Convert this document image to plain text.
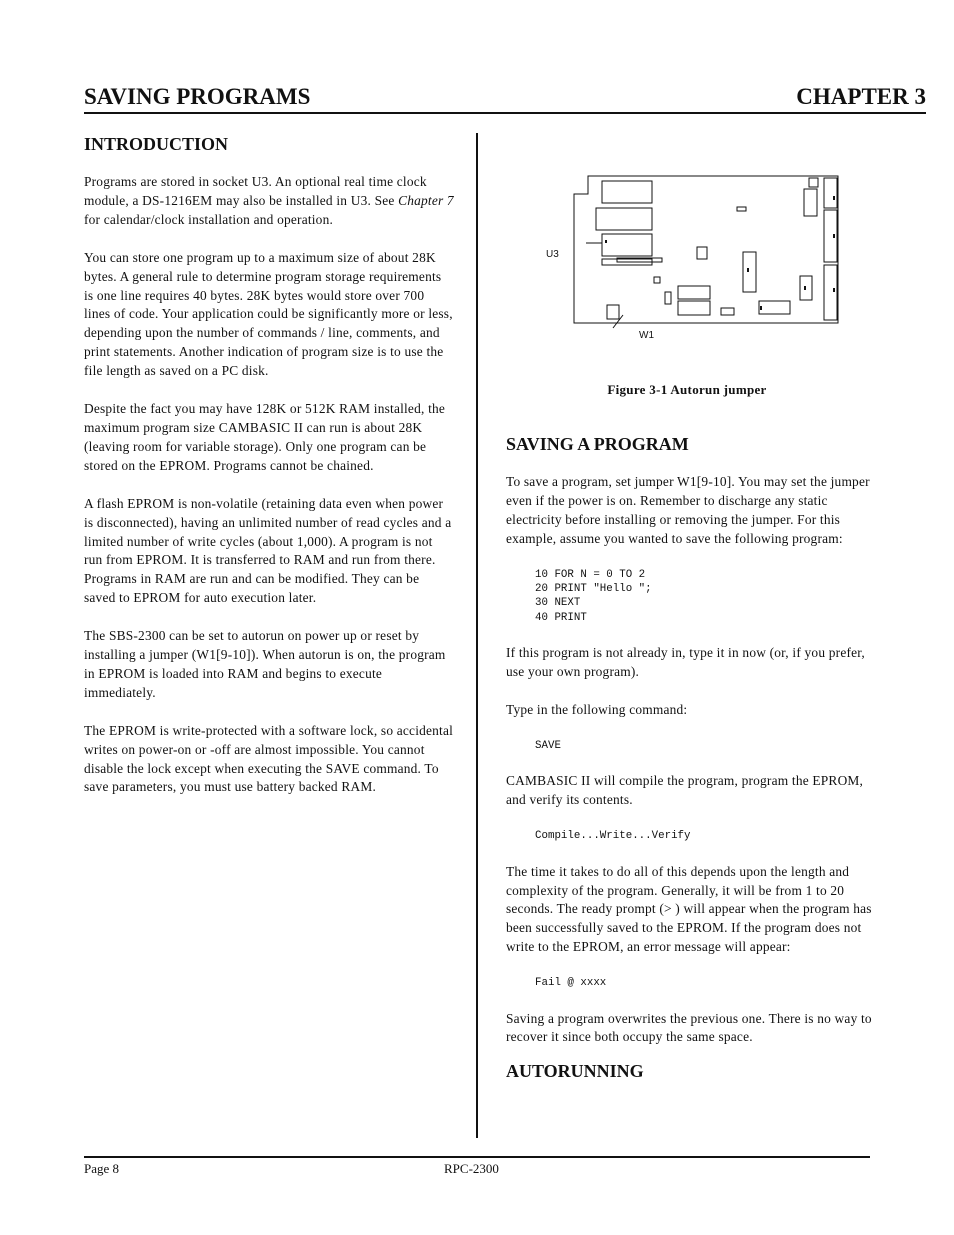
SAVING PROGRAMS	CHAPTER 3
INTRODUCTION

Programs are stored in socket U3. An optional real time clock module, a DS-1216EM may also be installed in U3. See Chapter 7 for calendar/clock installation and operation.

You can store one program up to a maximum size of about 28K bytes. A general rule to determine program storage requirements is one line requires 40 bytes. 28K bytes would store over 700 lines of code. Your application could be significantly more or less, depending upon the number of commands / line, comments, and print statements. Another indication of program size is to use the file length as saved on a PC disk.

Despite the fact you may have 128K or 512K RAM installed, the maximum program size CAMBASIC II can run is about 28K (leaving room for variable storage). Only one program can be stored on the EPROM. Programs cannot be chained.

A flash EPROM is non-volatile (retaining data even when power is disconnected), having an unlimited number of read cycles and a limited number of write cycles (about 1,000). A program is not run from EPROM. It is transferred to RAM and run from there. Programs in RAM are run and can be modified. They can be saved to EPROM for auto execution later.

The SBS-2300 can be set to autorun on power up or reset by installing a jumper (W1[9-10]). When autorun is on, the program in EPROM is loaded into RAM and begins to execute immediately.

The EPROM is write-protected with a software lock, so accidental writes on power-on or -off are almost impossible. You cannot disable the lock except when executing the SAVE command. To save parameters, you must use battery backed RAM.

U3
W1
Figure 3-1 Autorun jumper
SAVING A PROGRAM

To save a program, set jumper W1[9-10]. You may set the jumper even if the power is on. Remember to discharge any static electricity before installing or removing the jumper. For this example, assume you wanted to save the following program:

10 FOR N = 0 TO 2
20 PRINT "Hello ";
30 NEXT
40 PRINT

If this program is not already in, type it in now (or, if you prefer, use your own program).

Type in the following command:

SAVE

CAMBASIC II will compile the program, program the EPROM, and verify its contents.

Compile...Write...Verify

The time it takes to do all of this depends upon the length and complexity of the program. Generally, it will be from 1 to 20 seconds. The ready prompt (> ) will appear when the program has been successfully saved to the EPROM. If the program does not write to the EPROM, an error message will appear:

Fail @ xxxx

Saving a program overwrites the previous one. There is no way to recover it since both occupy the same space.

AUTORUNNING
Page 8	RPC-2300
